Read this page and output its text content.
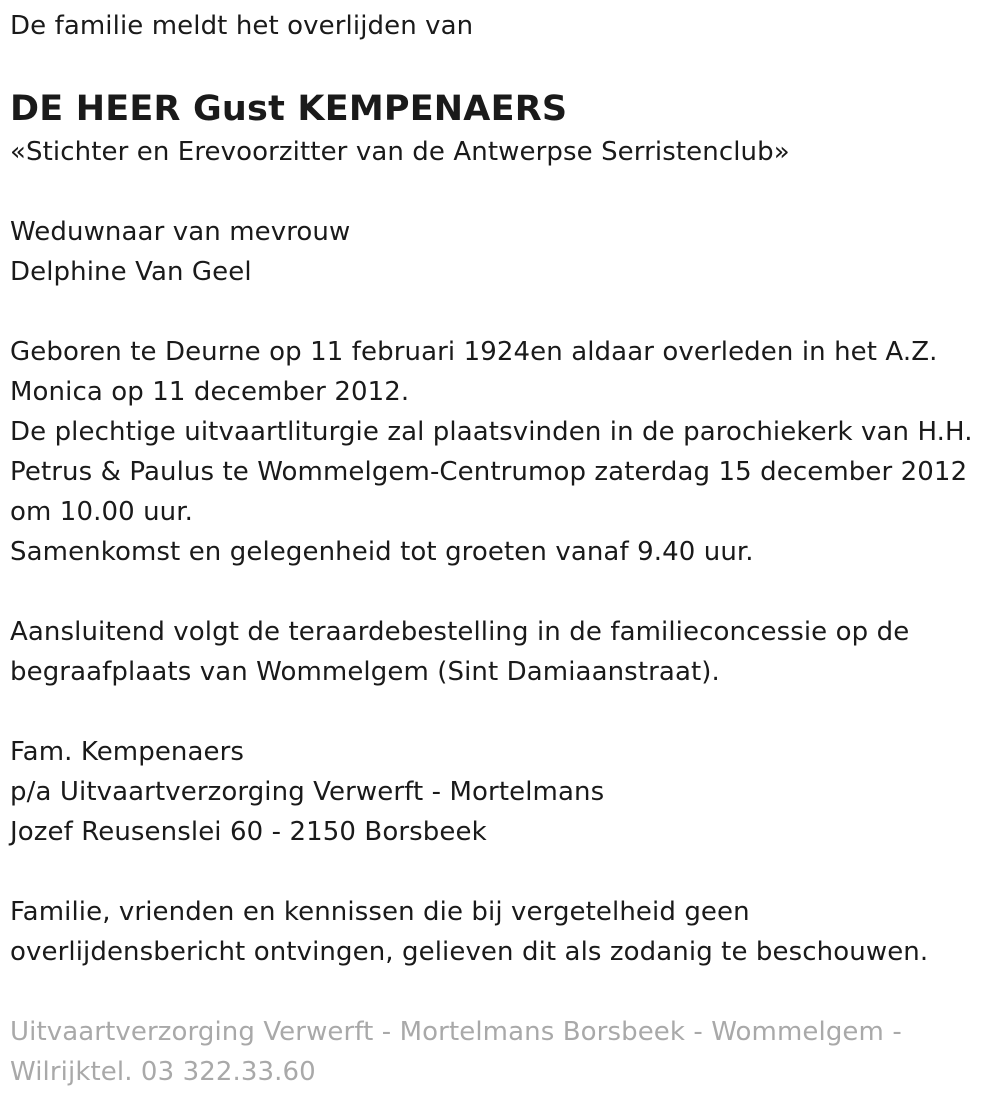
De familie meldt het overlijden van

DE HEER Gust KEMPENAERS

«Stichter en Erevoorzitter van de Antwerpse Serristenclub»

Weduwnaar van mevrouw

Delphine Van Geel

Geboren te Deurne op 11 februari 1924en aldaar overleden in het A.Z.

Monica op 11 december 2012.

De plechtige uitvaartliturgie zal plaatsvinden in de parochiekerk van H.H.

Petrus & Paulus te Wommelgem-Centrumop zaterdag 15 december 2012

om 10.00 uur.

Samenkomst en gelegenheid tot groeten vanaf 9.40 uur.

Aansluitend volgt de teraardebestelling in de familieconcessie op de

begraafplaats van Wommelgem (Sint Damiaanstraat).

Fam. Kempenaers

p/a Uitvaartverzorging Verwerft - Mortelmans

Jozef Reusenslei 60 - 2150 Borsbeek

Familie, vrienden en kennissen die bij vergetelheid geen

overlijdensbericht ontvingen, gelieven dit als zodanig te beschouwen.

Uitvaartverzorging Verwerft - Mortelmans Borsbeek - Wommelgem -

Wilrijktel. 03 322.33.60
